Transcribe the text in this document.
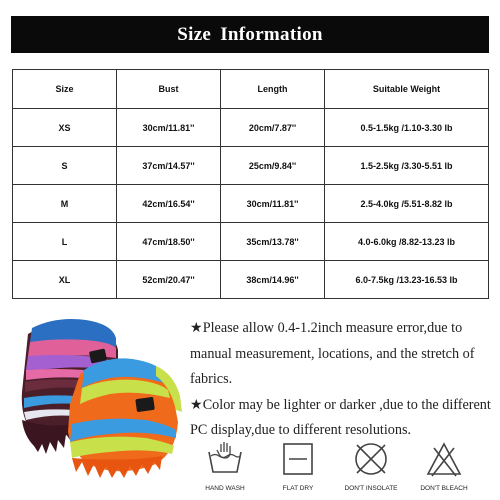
Size Information
Size	Bust	Length	Suitable Weight
XS	30cm/11.81''	20cm/7.87''	0.5-1.5kg /1.10-3.30 lb
S	37cm/14.57''	25cm/9.84''	1.5-2.5kg /3.30-5.51 lb
M	42cm/16.54''	30cm/11.81''	2.5-4.0kg /5.51-8.82 lb
L	47cm/18.50''	35cm/13.78''	4.0-6.0kg /8.82-13.23 lb
XL	52cm/20.47''	38cm/14.96''	6.0-7.5kg /13.23-16.53 lb

★Please allow 0.4-1.2inch measure error,due to manual measurement, locations, and the stretch of fabrics.

★Color may be lighter or darker ,due to the different PC display,due to different resolutions.

HAND WASH	FLAT DRY	DON'T INSOLATE	DON'T BLEACH
